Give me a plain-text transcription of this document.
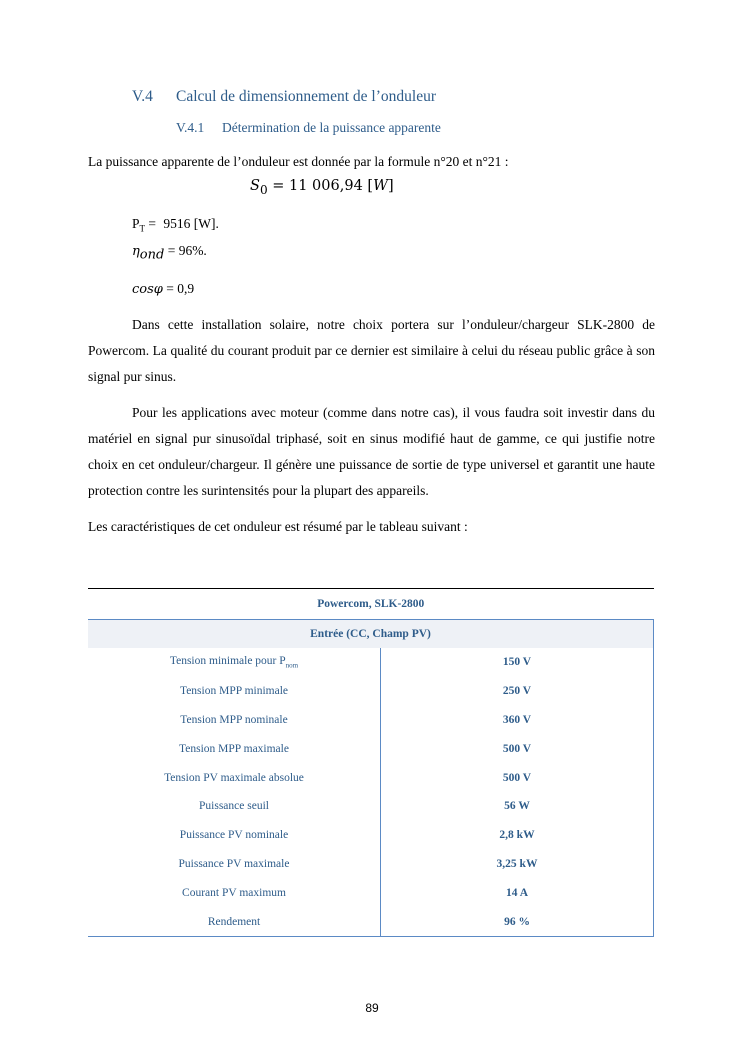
V.4 Calcul de dimensionnement de l’onduleur
V.4.1 Détermination de la puissance apparente
La puissance apparente de l’onduleur est donnée par la formule n°20 et n°21 :
$S_0 = 11$ 006,94 [W]
$P_T = 9516$ [W].
$\eta_{ond} = 96\%$.
cosφ = 0,9
Dans cette installation solaire, notre choix portera sur l’onduleur/chargeur SLK-2800 de Powercom. La qualité du courant produit par ce dernier est similaire à celui du réseau public grâce à son signal pur sinus.
Pour les applications avec moteur (comme dans notre cas), il vous faudra soit investir dans du matériel en signal pur sinusoïdal triphasé, soit en sinus modifié haut de gamme, ce qui justifie notre choix en cet onduleur/chargeur. Il génère une puissance de sortie de type universel et garantit une haute protection contre les surintensités pour la plupart des appareils.
Les caractéristiques de cet onduleur est résumé par le tableau suivant :
Powercom, SLK-2800	
Entrée (CC, Champ PV)	
Tension minimale pour $P_{nom}$	150 V
Tension MPP minimale	250 V
Tension MPP nominale	360 V
Tension MPP maximale	500 V
Tension PV maximale absolue	500 V
Puissance seuil	56 W
Puissance PV nominale	2,8 kW
Puissance PV maximale	3,25 kW
Courant PV maximum	14 A
Rendement	96 %
89
